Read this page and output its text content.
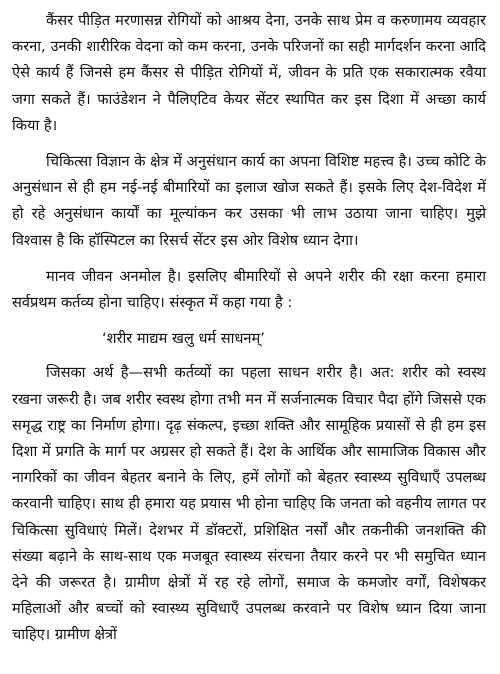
कैंसर पीड़ित मरणासन्न रोगियों को आश्रय देना, उनके साथ प्रेम व करुणामय व्यवहार करना, उनकी शारीरिक वेदना को कम करना, उनके परिजनों का सही मार्गदर्शन करना आदि ऐसे कार्य हैं जिनसे हम कैंसर से पीड़ित रोगियों में, जीवन के प्रति एक सकारात्मक रवैया जगा सकते हैं। फाउंडेशन ने पैलिएटिव केयर सेंटर स्थापित कर इस दिशा में अच्छा कार्य किया है।

चिकित्सा विज्ञान के क्षेत्र में अनुसंधान कार्य का अपना विशिष्ट महत्त्व है। उच्च कोटि के अनुसंधान से ही हम नई-नई बीमारियों का इलाज खोज सकते हैं। इसके लिए देश-विदेश में हो रहे अनुसंधान कार्यों का मूल्यांकन कर उसका भी लाभ उठाया जाना चाहिए। मुझे विश्वास है कि हॉस्पिटल का रिसर्च सेंटर इस ओर विशेष ध्यान देगा।

मानव जीवन अनमोल है। इसलिए बीमारियों से अपने शरीर की रक्षा करना हमारा सर्वप्रथम कर्तव्य होना चाहिए। संस्कृत में कहा गया है :

‘शरीर माद्यम खलु धर्म साधनम्’

जिसका अर्थ है—सभी कर्तव्यों का पहला साधन शरीर है। अत: शरीर को स्वस्थ रखना जरूरी है। जब शरीर स्वस्थ होगा तभी मन में सर्जनात्मक विचार पैदा होंगे जिससे एक समृद्ध राष्ट्र का निर्माण होगा। दृढ़ संकल्प, इच्छा शक्ति और सामूहिक प्रयासों से ही हम इस दिशा में प्रगति के मार्ग पर अग्रसर हो सकते हैं। देश के आर्थिक और सामाजिक विकास और नागरिकों का जीवन बेहतर बनाने के लिए, हमें लोगों को बेहतर स्वास्थ्य सुविधाएँ उपलब्ध करवानी चाहिए। साथ ही हमारा यह प्रयास भी होना चाहिए कि जनता को वहनीय लागत पर चिकित्सा सुविधाएं मिलें। देशभर में डॉक्टरों, प्रशिक्षित नर्सों और तकनीकी जनशक्ति की संख्या बढ़ाने के साथ-साथ एक मजबूत स्वास्थ्य संरचना तैयार करने पर भी समुचित ध्यान देने की जरूरत है। ग्रामीण क्षेत्रों में रह रहे लोगों, समाज के कमजोर वर्गों, विशेषकर महिलाओं और बच्चों को स्वास्थ्य सुविधाएँ उपलब्ध करवाने पर विशेष ध्यान दिया जाना चाहिए। ग्रामीण क्षेत्रों
